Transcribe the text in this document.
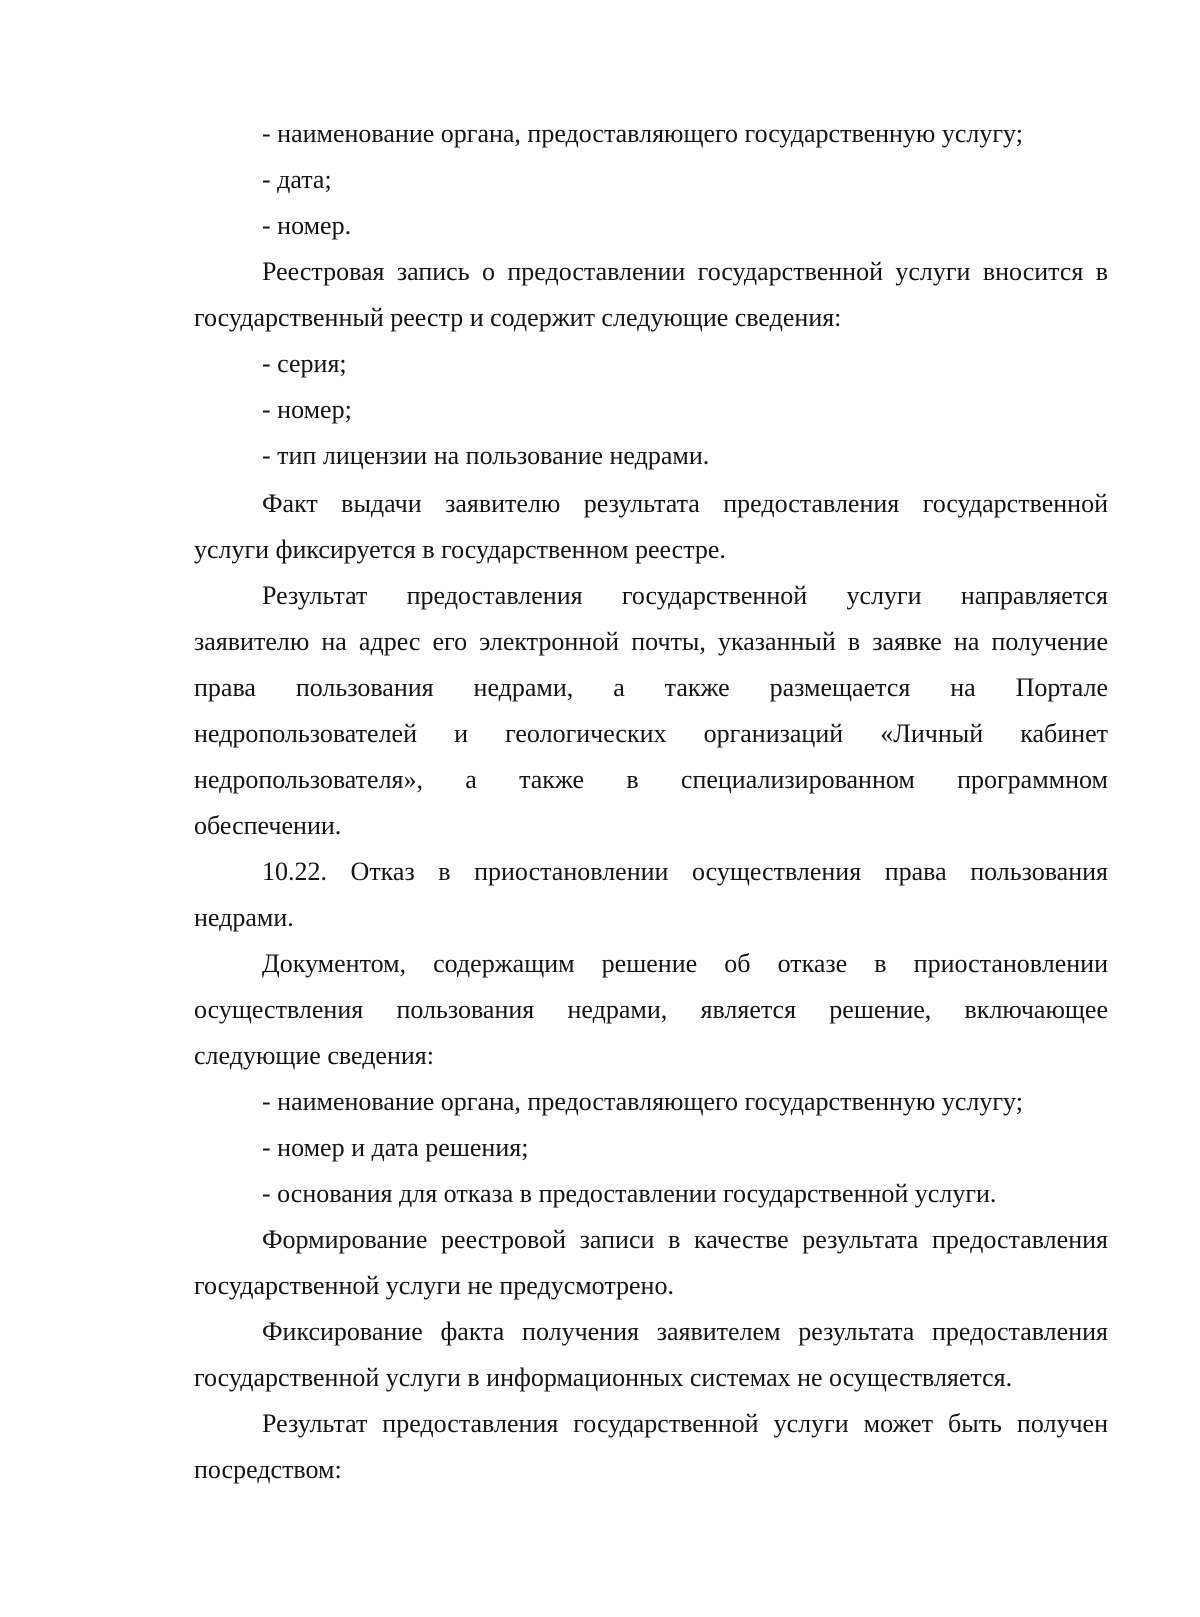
- наименование органа, предоставляющего государственную услугу;

- дата;

- номер.

Реестровая запись о предоставлении государственной услуги вносится в

государственный реестр и содержит следующие сведения:

- серия;

- номер;

- тип лицензии на пользование недрами.

Факт выдачи заявителю результата предоставления государственной

услуги фиксируется в государственном реестре.

Результат предоставления государственной услуги направляется

заявителю на адрес его электронной почты, указанный в заявке на получение

права пользования недрами, а также размещается на Портале

недропользователей и геологических организаций «Личный кабинет

недропользователя», а также в специализированном программном

обеспечении.

10.22. Отказ в приостановлении осуществления права пользования

недрами.

Документом, содержащим решение об отказе в приостановлении

осуществления пользования недрами, является решение, включающее

следующие сведения:

- наименование органа, предоставляющего государственную услугу;

- номер и дата решения;

- основания для отказа в предоставлении государственной услуги.

Формирование реестровой записи в качестве результата предоставления

государственной услуги не предусмотрено.

Фиксирование факта получения заявителем результата предоставления

государственной услуги в информационных системах не осуществляется.

Результат предоставления государственной услуги может быть получен

посредством:
